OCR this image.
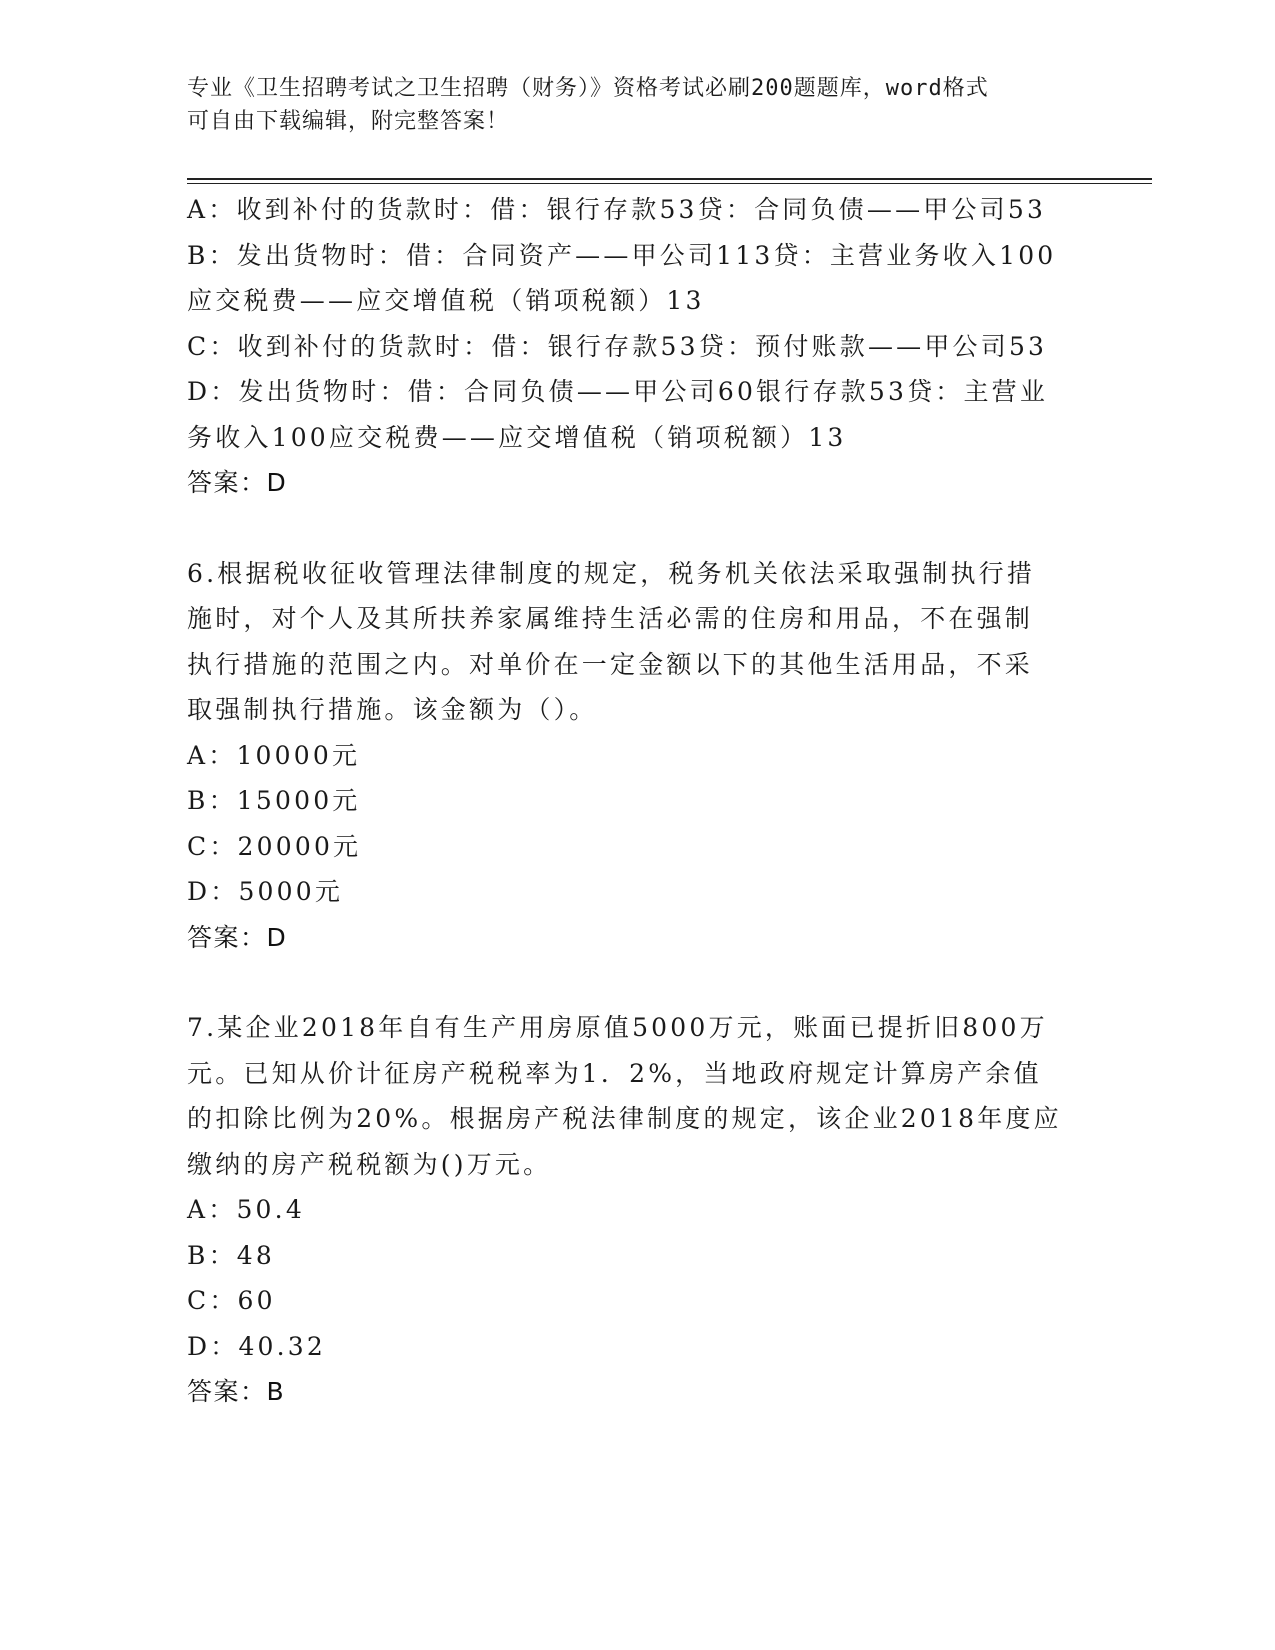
专业《卫生招聘考试之卫生招聘（财务）》资格考试必刷200题题库，word格式
可自由下载编辑，附完整答案！
A：收到补付的货款时：借：银行存款53贷：合同负债——甲公司53
B：发出货物时：借：合同资产——甲公司113贷：主营业务收入100
应交税费——应交增值税（销项税额）13
C：收到补付的货款时：借：银行存款53贷：预付账款——甲公司53
D：发出货物时：借：合同负债——甲公司60银行存款53贷：主营业
务收入100应交税费——应交增值税（销项税额）13
答案：D
6.根据税收征收管理法律制度的规定，税务机关依法采取强制执行措
施时，对个人及其所扶养家属维持生活必需的住房和用品，不在强制
执行措施的范围之内。对单价在一定金额以下的其他生活用品，不采
取强制执行措施。该金额为（）。
A：10000元
B：15000元
C：20000元
D：5000元
答案：D
7.某企业2018年自有生产用房原值5000万元，账面已提折旧800万
元。已知从价计征房产税税率为1．2%，当地政府规定计算房产余值
的扣除比例为20%。根据房产税法律制度的规定，该企业2018年度应
缴纳的房产税税额为()万元。
A：50.4
B：48
C：60
D：40.32
答案：B
